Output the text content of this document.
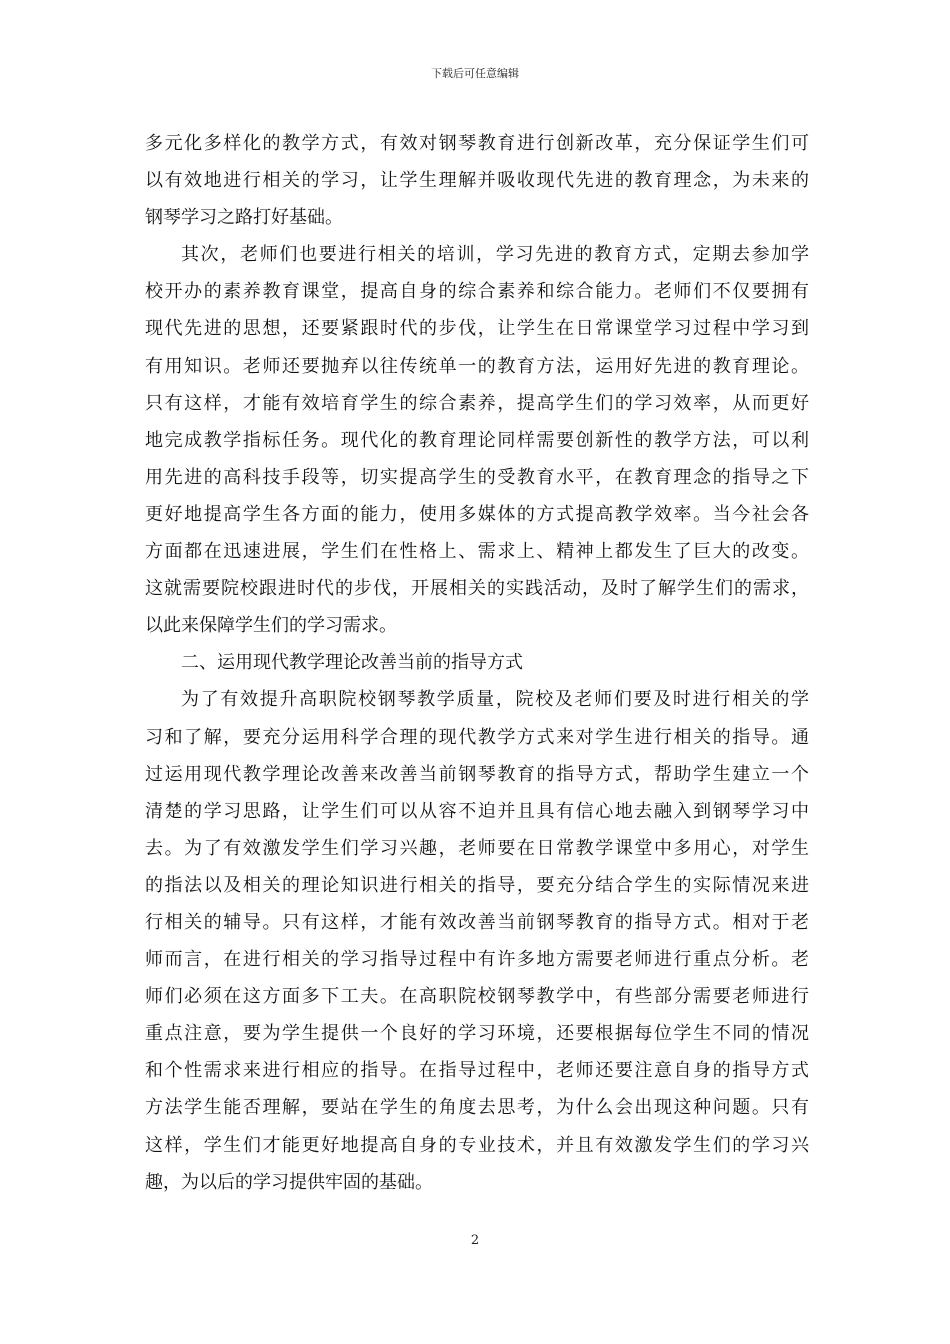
下载后可任意编辑
多元化多样化的教学方式，有效对钢琴教育进行创新改革，充分保证学生们可
以有效地进行相关的学习，让学生理解并吸收现代先进的教育理念，为未来的
钢琴学习之路打好基础。
其次，老师们也要进行相关的培训，学习先进的教育方式，定期去参加学
校开办的素养教育课堂，提高自身的综合素养和综合能力。老师们不仅要拥有
现代先进的思想，还要紧跟时代的步伐，让学生在日常课堂学习过程中学习到
有用知识。老师还要抛弃以往传统单一的教育方法，运用好先进的教育理论。
只有这样，才能有效培育学生的综合素养，提高学生们的学习效率，从而更好
地完成教学指标任务。现代化的教育理论同样需要创新性的教学方法，可以利
用先进的高科技手段等，切实提高学生的受教育水平，在教育理念的指导之下
更好地提高学生各方面的能力，使用多媒体的方式提高教学效率。当今社会各
方面都在迅速进展，学生们在性格上、需求上、精神上都发生了巨大的改变。
这就需要院校跟进时代的步伐，开展相关的实践活动，及时了解学生们的需求，
以此来保障学生们的学习需求。
二、运用现代教学理论改善当前的指导方式
为了有效提升高职院校钢琴教学质量，院校及老师们要及时进行相关的学
习和了解，要充分运用科学合理的现代教学方式来对学生进行相关的指导。通
过运用现代教学理论改善来改善当前钢琴教育的指导方式，帮助学生建立一个
清楚的学习思路，让学生们可以从容不迫并且具有信心地去融入到钢琴学习中
去。为了有效激发学生们学习兴趣，老师要在日常教学课堂中多用心，对学生
的指法以及相关的理论知识进行相关的指导，要充分结合学生的实际情况来进
行相关的辅导。只有这样，才能有效改善当前钢琴教育的指导方式。相对于老
师而言，在进行相关的学习指导过程中有许多地方需要老师进行重点分析。老
师们必须在这方面多下工夫。在高职院校钢琴教学中，有些部分需要老师进行
重点注意，要为学生提供一个良好的学习环境，还要根据每位学生不同的情况
和个性需求来进行相应的指导。在指导过程中，老师还要注意自身的指导方式
方法学生能否理解，要站在学生的角度去思考，为什么会出现这种问题。只有
这样，学生们才能更好地提高自身的专业技术，并且有效激发学生们的学习兴
趣，为以后的学习提供牢固的基础。
2
